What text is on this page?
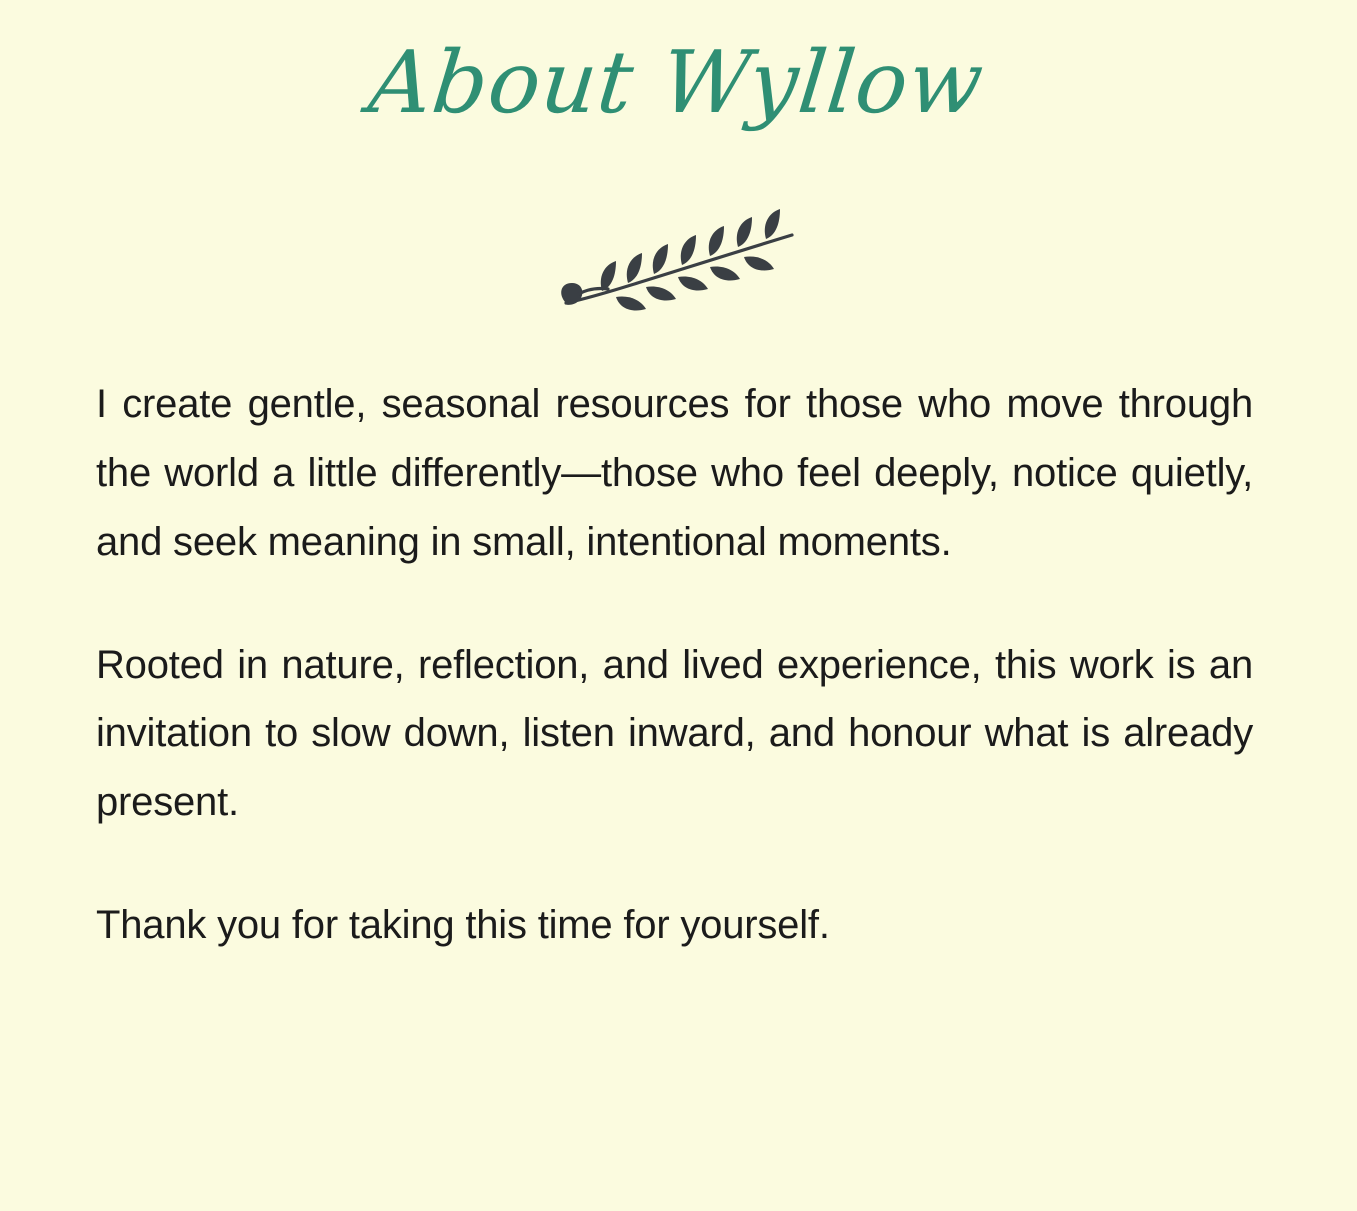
About Wyllow

I create gentle, seasonal resources for those who move through the world a little differently—those who feel deeply, notice quietly, and seek meaning in small, intentional moments.

Rooted in nature, reflection, and lived experience, this work is an invitation to slow down, listen inward, and honour what is already present.

Thank you for taking this time for yourself.
